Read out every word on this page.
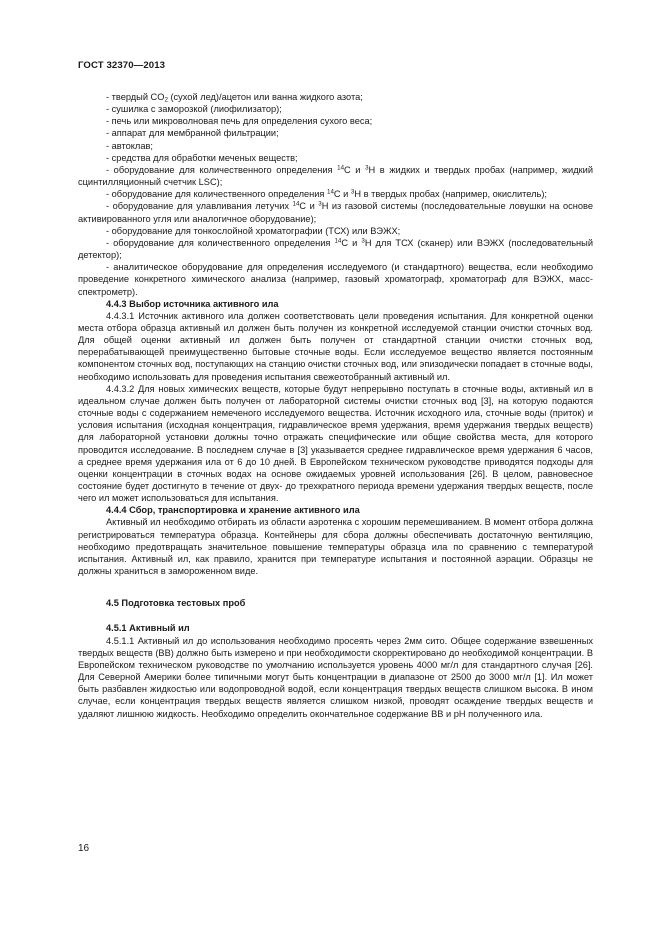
ГОСТ 32370—2013

- твердый $CO_2$ (сухой лед)/ацетон или ванна жидкого азота;

- сушилка с заморозкой (лиофилизатор);

- печь или микроволновая печь для определения сухого веса;

- аппарат для мембранной фильтрации;

- автоклав;

- средства для обработки меченых веществ;

- оборудование для количественного определения $^{14}$С и $^3$Н в жидких и твердых пробах (например, жидкий сцинтилляционный счетчик LSC);

- оборудование для количественного определения $^{14}$С и $^3$Н в твердых пробах (например, окислитель);

- оборудование для улавливания летучих $^{14}$С и $^3$Н из газовой системы (последовательные ловушки на основе активированного угля или аналогичное оборудование);

- оборудование для тонкослойной хроматографии (ТСХ) или ВЭЖХ;

- оборудование для количественного определения $^{14}$С и $^3$Н для ТСХ (сканер) или ВЭЖХ (последовательный детектор);

- аналитическое оборудование для определения исследуемого (и стандартного) вещества, если необходимо проведение конкретного химического анализа (например, газовый хроматограф, хроматограф для ВЭЖХ, масс-спектрометр).

4.4.3 Выбор источника активного ила

4.4.3.1 Источник активного ила должен соответствовать цели проведения испытания. Для конкретной оценки места отбора образца активный ил должен быть получен из конкретной исследуемой станции очистки сточных вод. Для общей оценки активный ил должен быть получен от стандартной станции очистки сточных вод, перерабатывающей преимущественно бытовые сточные воды. Если исследуемое вещество является постоянным компонентом сточных вод, поступающих на станцию очистки сточных вод, или эпизодически попадает в сточные воды, необходимо использовать для проведения испытания свежеотобранный активный ил.

4.4.3.2 Для новых химических веществ, которые будут непрерывно поступать в сточные воды, активный ил в идеальном случае должен быть получен от лабораторной системы очистки сточных вод [3], на которую подаются сточные воды с содержанием немеченого исследуемого вещества. Источник исходного ила, сточные воды (приток) и условия испытания (исходная концентрация, гидравлическое время удержания, время удержания твердых веществ) для лабораторной установки должны точно отражать специфические или общие свойства места, для которого проводится исследование. В последнем случае в [3] указывается среднее гидравлическое время удержания 6 часов, а среднее время удержания ила от 6 до 10 дней. В Европейском техническом руководстве приводятся подходы для оценки концентрации в сточных водах на основе ожидаемых уровней использования [26]. В целом, равновесное состояние будет достигнуто в течение от двух- до трехкратного периода времени удержания твердых веществ, после чего ил может использоваться для испытания.

4.4.4 Сбор, транспортировка и хранение активного ила

Активный ил необходимо отбирать из области аэротенка с хорошим перемешиванием. В момент отбора должна регистрироваться температура образца. Контейнеры для сбора должны обеспечивать достаточную вентиляцию, необходимо предотвращать значительное повышение температуры образца ила по сравнению с температурой испытания. Активный ил, как правило, хранится при температуре испытания и постоянной аэрации. Образцы не должны храниться в замороженном виде.

4.5 Подготовка тестовых проб

4.5.1 Активный ил

4.5.1.1 Активный ил до использования необходимо просеять через 2мм сито. Общее содержание взвешенных твердых веществ (ВВ) должно быть измерено и при необходимости скорректировано до необходимой концентрации. В Европейском техническом руководстве по умолчанию используется уровень 4000 мг/л для стандартного случая [26]. Для Северной Америки более типичными могут быть концентрации в диапазоне от 2500 до 3000 мг/л [1]. Ил может быть разбавлен жидкостью или водопроводной водой, если концентрация твердых веществ слишком высока. В ином случае, если концентрация твердых веществ является слишком низкой, проводят осаждение твердых веществ и удаляют лишнюю жидкость. Необходимо определить окончательное содержание ВВ и pH полученного ила.

16
